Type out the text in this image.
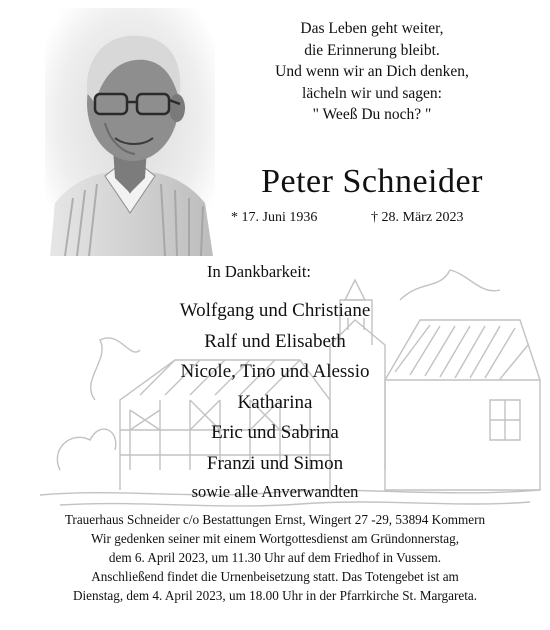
Das Leben geht weiter,
die Erinnerung bleibt.
Und wenn wir an Dich denken,
lächeln wir und sagen:
" Weeß Du noch? "
Peter Schneider
* 17. Juni 1936	† 28. März 2023
In Dankbarkeit:
Wolfgang und Christiane
Ralf und Elisabeth
Nicole, Tino und Alessio
Katharina
Eric und Sabrina
Franzi und Simon
sowie alle Anverwandten
Trauerhaus Schneider c/o Bestattungen Ernst, Wingert 27 -29, 53894 Kommern
Wir gedenken seiner mit einem Wortgottesdienst am Gründonnerstag,
dem 6. April 2023, um 11.30 Uhr auf dem Friedhof in Vussem.
Anschließend findet die Urnenbeisetzung statt. Das Totengebet ist am
Dienstag, dem 4. April 2023, um 18.00 Uhr in der Pfarrkirche St. Margareta.
